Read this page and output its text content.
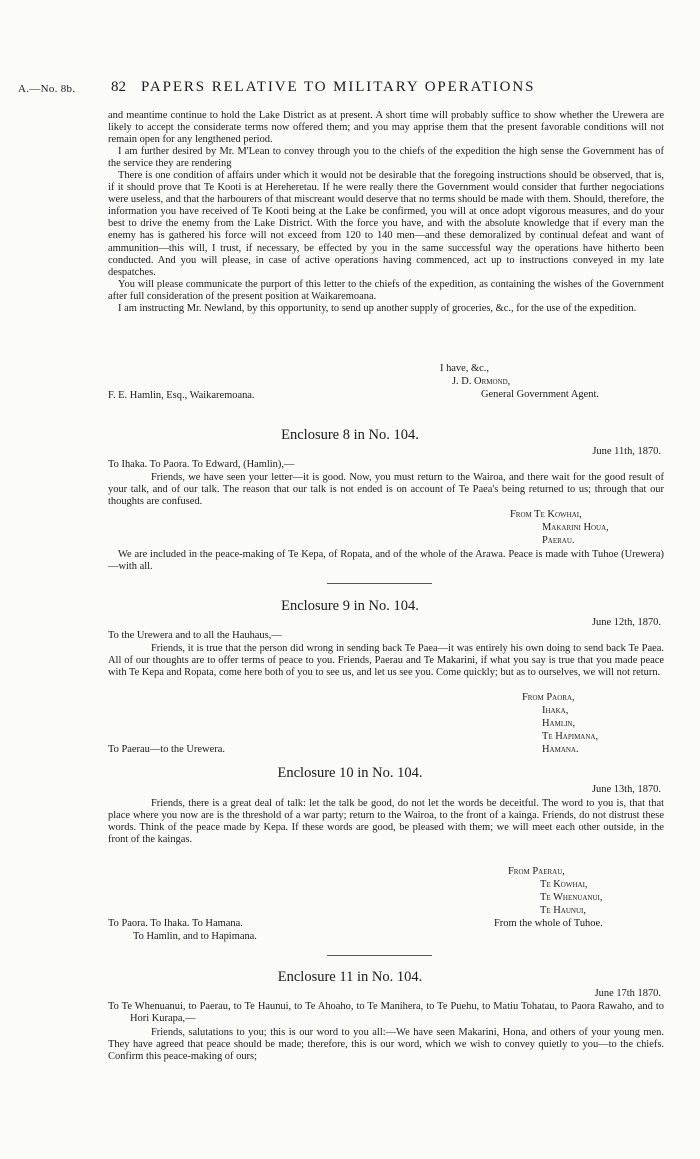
A.—No. 8b. 82 PAPERS RELATIVE TO MILITARY OPERATIONS

and meantime continue to hold the Lake District as at present. A short time will probably suffice to show whether the Urewera are likely to accept the considerate terms now offered them; and you may apprise them that the present favorable conditions will not remain open for any lengthened period.

I am further desired by Mr. M'Lean to convey through you to the chiefs of the expedition the high sense the Government has of the service they are rendering

There is one condition of affairs under which it would not be desirable that the foregoing instructions should be observed, that is, if it should prove that Te Kooti is at Hereheretau. If he were really there the Government would consider that further negociations were useless, and that the harbourers of that miscreant would deserve that no terms should be made with them. Should, therefore, the information you have received of Te Kooti being at the Lake be confirmed, you will at once adopt vigorous measures, and do your best to drive the enemy from the Lake District. With the force you have, and with the absolute knowledge that if every man the enemy has is gathered his force will not exceed from 120 to 140 men—and these demoralized by continual defeat and want of ammunition—this will, I trust, if necessary, be effected by you in the same successful way the operations have hitherto been conducted. And you will please, in case of active operations having commenced, act up to instructions conveyed in my late despatches.

You will please communicate the purport of this letter to the chiefs of the expedition, as containing the wishes of the Government after full consideration of the present position at Waikaremoana.

I am instructing Mr. Newland, by this opportunity, to send up another supply of groceries, &c., for the use of the expedition.

I have, &c.,
J. D. Ormond,
General Government Agent.
F. E. Hamlin, Esq., Waikaremoana.
Enclosure 8 in No. 104.
June 11th, 1870.
To Ihaka. To Paora. To Edward, (Hamlin),—

Friends, we have seen your letter—it is good. Now, you must return to the Wairoa, and there wait for the good result of your talk, and of our talk. The reason that our talk is not ended is on account of Te Paea's being returned to us; through that our thoughts are confused.

From Te Kowhai,
Makarini Houa,
Paerau.

We are included in the peace-making of Te Kepa, of Ropata, and of the whole of the Arawa. Peace is made with Tuhoe (Urewera)—with all.

Enclosure 9 in No. 104.
June 12th, 1870.
To the Urewera and to all the Hauhaus,—

Friends, it is true that the person did wrong in sending back Te Paea—it was entirely his own doing to send back Te Paea. All of our thoughts are to offer terms of peace to you. Friends, Paerau and Te Makarini, if what you say is true that you made peace with Te Kepa and Ropata, come here both of you to see us, and let us see you. Come quickly; but as to ourselves, we will not return.

From Paora,
Ihaka,
Hamlin,
Te Hapimana,
Hamana.
To Paerau—to the Urewera.
Enclosure 10 in No. 104.
June 13th, 1870.

Friends, there is a great deal of talk: let the talk be good, do not let the words be deceitful. The word to you is, that that place where you now are is the threshold of a war party; return to the Wairoa, to the front of a kainga. Friends, do not distrust these words. Think of the peace made by Kepa. If these words are good, be pleased with them; we will meet each other outside, in the front of the kaingas.

From Paerau,
Te Kowhai,
Te Whenuanui,
Te Haunui,
From the whole of Tuhoe.
To Paora. To Ihaka. To Hamana.
To Hamlin, and to Hapimana.
Enclosure 11 in No. 104.
June 17th 1870.

To Te Whenuanui, to Paerau, to Te Haunui, to Te Ahoaho, to Te Manihera, to Te Puehu, to Matiu Tohatau, to Paora Rawaho, and to Hori Kurapa,—

Friends, salutations to you; this is our word to you all:—We have seen Makarini, Hona, and others of your young men. They have agreed that peace should be made; therefore, this is our word, which we wish to convey quietly to you—to the chiefs. Confirm this peace-making of ours;
